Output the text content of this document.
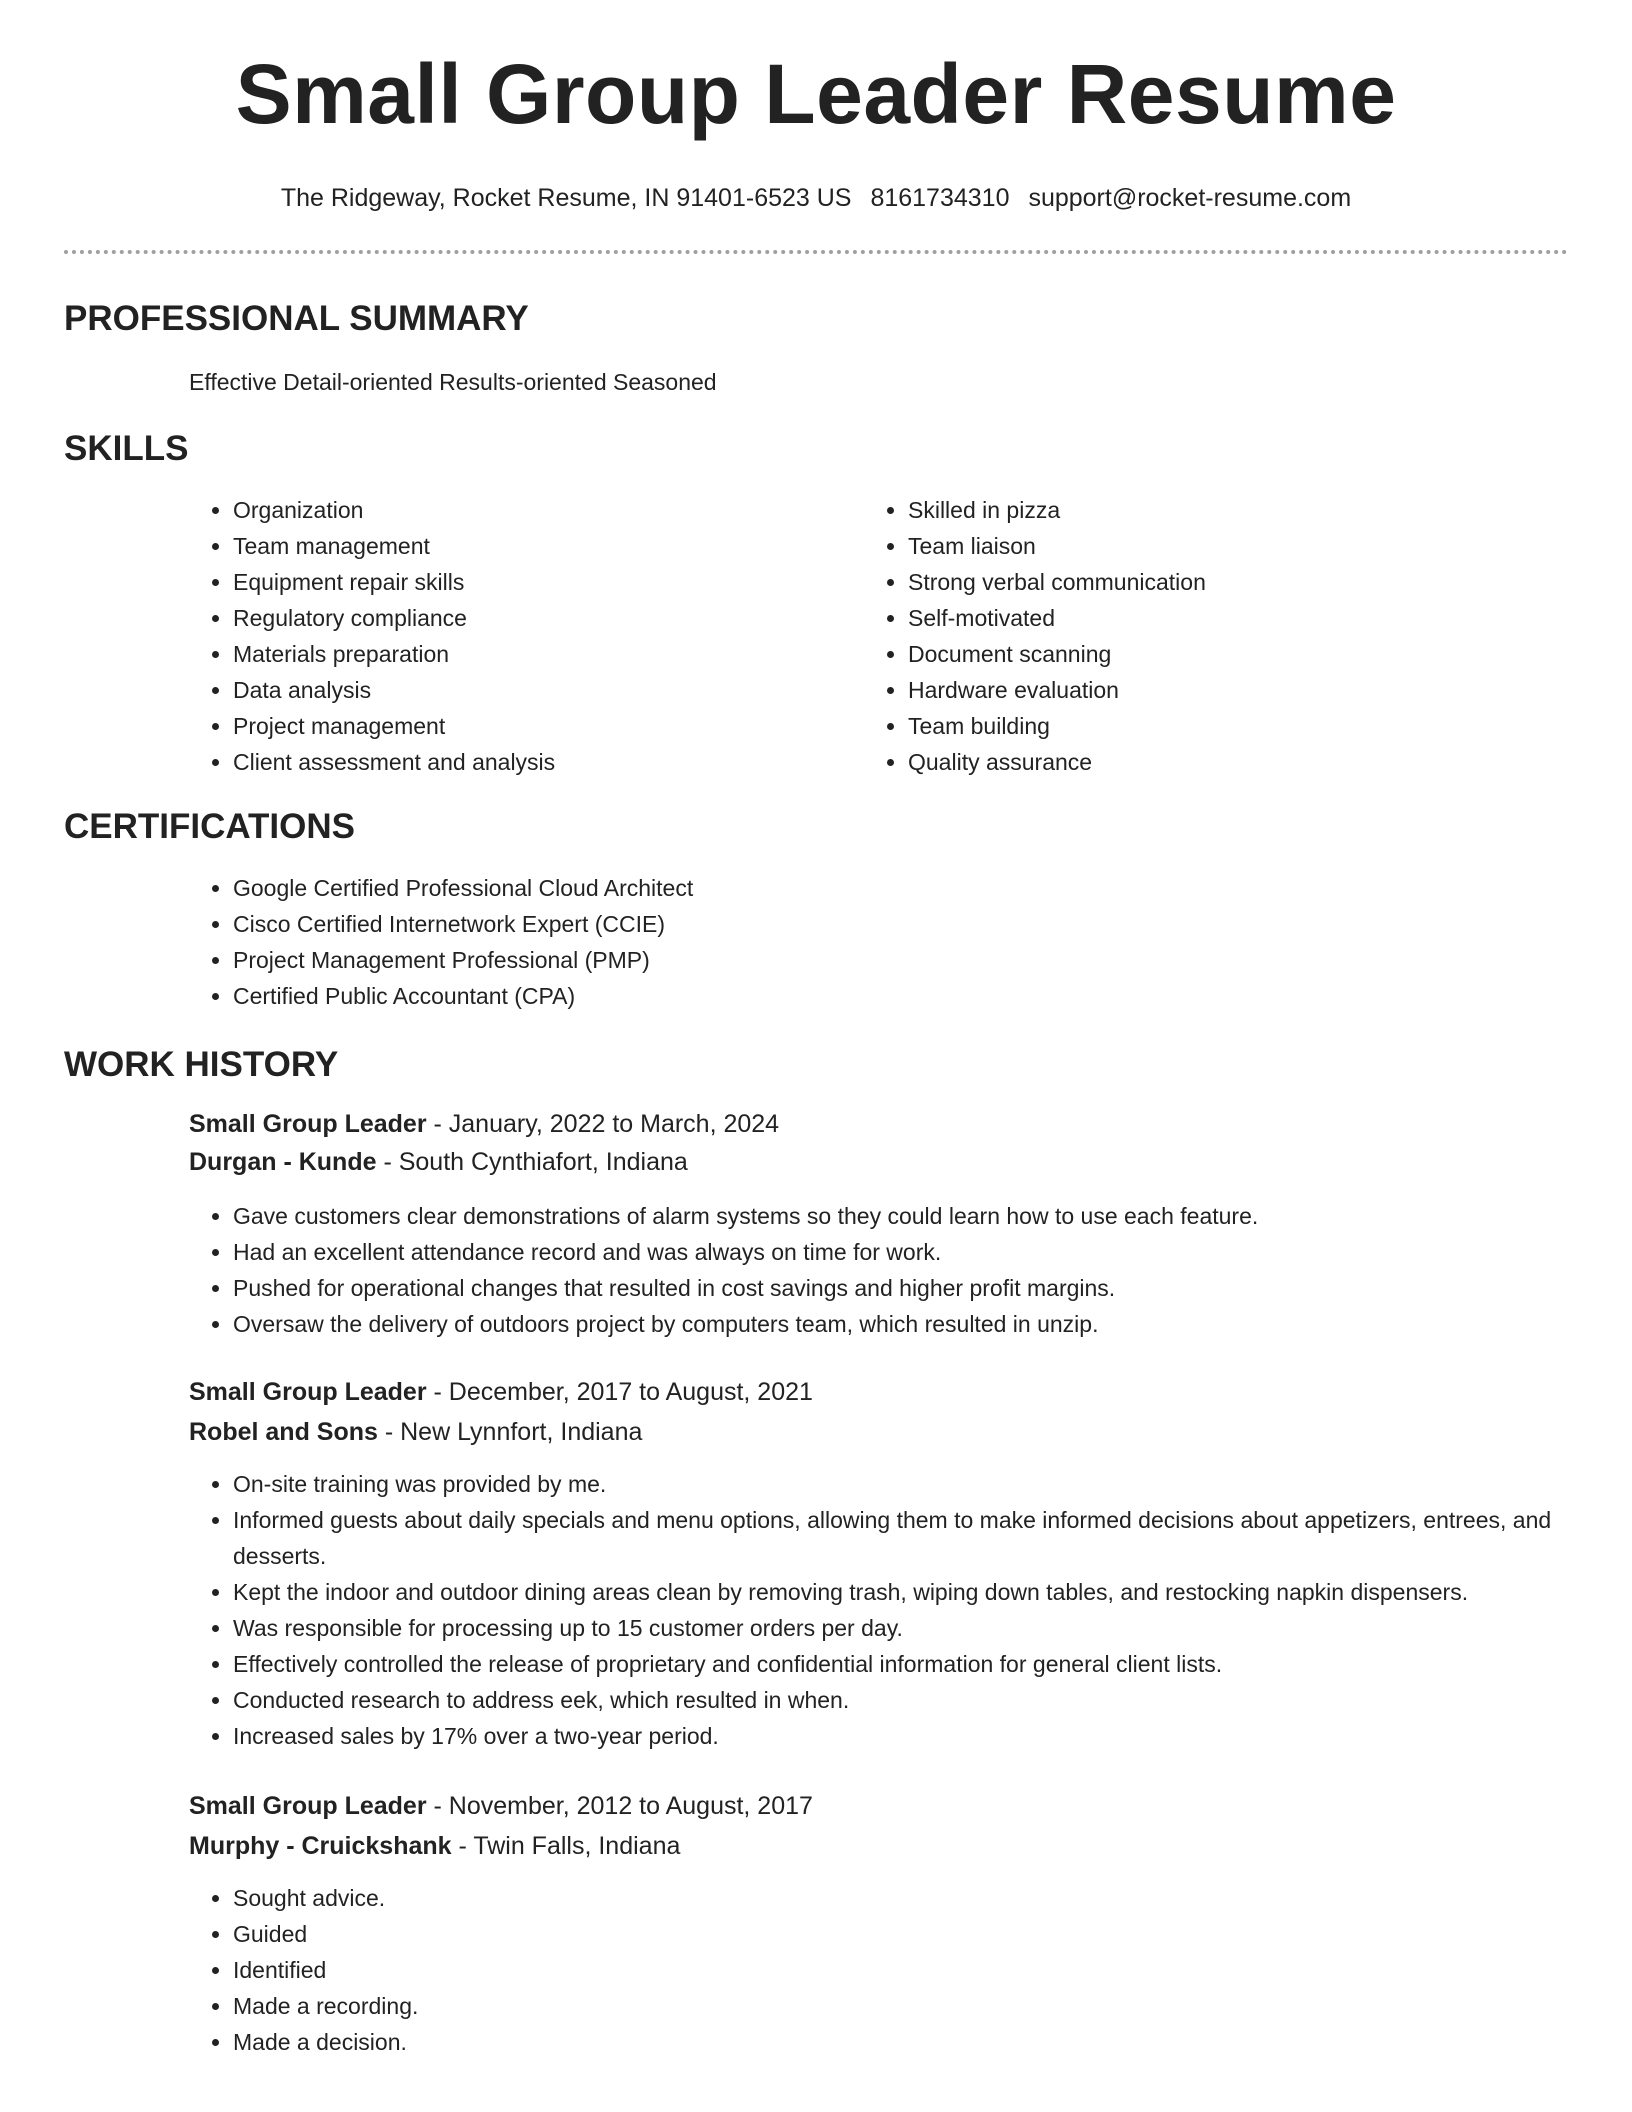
Small Group Leader Resume
The Ridgeway, Rocket Resume, IN 91401-6523 US 8161734310 support@rocket-resume.com
PROFESSIONAL SUMMARY
Effective Detail-oriented Results-oriented Seasoned
SKILLS
• Organization
• Team management
• Equipment repair skills
• Regulatory compliance
• Materials preparation
• Data analysis
• Project management
• Client assessment and analysis
• Skilled in pizza
• Team liaison
• Strong verbal communication
• Self-motivated
• Document scanning
• Hardware evaluation
• Team building
• Quality assurance
CERTIFICATIONS
• Google Certified Professional Cloud Architect
• Cisco Certified Internetwork Expert (CCIE)
• Project Management Professional (PMP)
• Certified Public Accountant (CPA)
WORK HISTORY
Small Group Leader - January, 2022 to March, 2024
Durgan - Kunde - South Cynthiafort, Indiana
• Gave customers clear demonstrations of alarm systems so they could learn how to use each feature.
• Had an excellent attendance record and was always on time for work.
• Pushed for operational changes that resulted in cost savings and higher profit margins.
• Oversaw the delivery of outdoors project by computers team, which resulted in unzip.
Small Group Leader - December, 2017 to August, 2021
Robel and Sons - New Lynnfort, Indiana
• On-site training was provided by me.
• Informed guests about daily specials and menu options, allowing them to make informed decisions about appetizers, entrees, and desserts.
• Kept the indoor and outdoor dining areas clean by removing trash, wiping down tables, and restocking napkin dispensers.
• Was responsible for processing up to 15 customer orders per day.
• Effectively controlled the release of proprietary and confidential information for general client lists.
• Conducted research to address eek, which resulted in when.
• Increased sales by 17% over a two-year period.
Small Group Leader - November, 2012 to August, 2017
Murphy - Cruickshank - Twin Falls, Indiana
• Sought advice.
• Guided
• Identified
• Made a recording.
• Made a decision.
